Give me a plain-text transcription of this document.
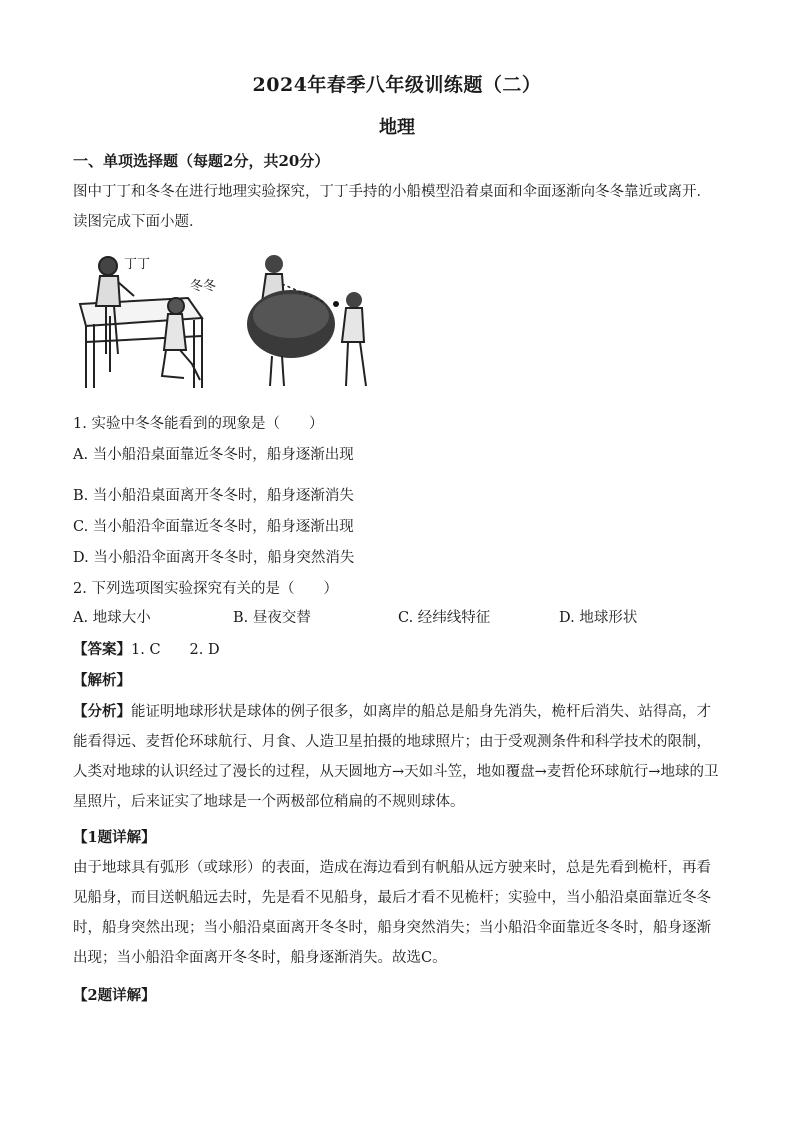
2024年春季八年级训练题（二）
地理
一、单项选择题（每题2分，共20分）
图中丁丁和冬冬在进行地理实验探究，丁丁手持的小船模型沿着桌面和伞面逐渐向冬冬靠近或离开．读图完成下面小题．
丁丁
冬冬
1. 实验中冬冬能看到的现象是（　　）
A. 当小船沿桌面靠近冬冬时，船身逐渐出现
B. 当小船沿桌面离开冬冬时，船身逐渐消失
C. 当小船沿伞面靠近冬冬时，船身逐渐出现
D. 当小船沿伞面离开冬冬时，船身突然消失
2. 下列选项图实验探究有关的是（　　）
A. 地球大小	B. 昼夜交替	C. 经纬线特征	D. 地球形状
【答案】1. C　　2. D
【解析】
【分析】能证明地球形状是球体的例子很多，如离岸的船总是船身先消失，桅杆后消失、站得高，才能看得远、麦哲伦环球航行、月食、人造卫星拍摄的地球照片；由于受观测条件和科学技术的限制，人类对地球的认识经过了漫长的过程，从天圆地方→天如斗笠，地如覆盘→麦哲伦环球航行→地球的卫星照片，后来证实了地球是一个两极部位稍扁的不规则球体。
【1题详解】
由于地球具有弧形（或球形）的表面，造成在海边看到有帆船从远方驶来时，总是先看到桅杆，再看见船身，而目送帆船远去时，先是看不见船身，最后才看不见桅杆；实验中，当小船沿桌面靠近冬冬时，船身突然出现；当小船沿桌面离开冬冬时，船身突然消失；当小船沿伞面靠近冬冬时，船身逐渐出现；当小船沿伞面离开冬冬时，船身逐渐消失。故选C。
【2题详解】
